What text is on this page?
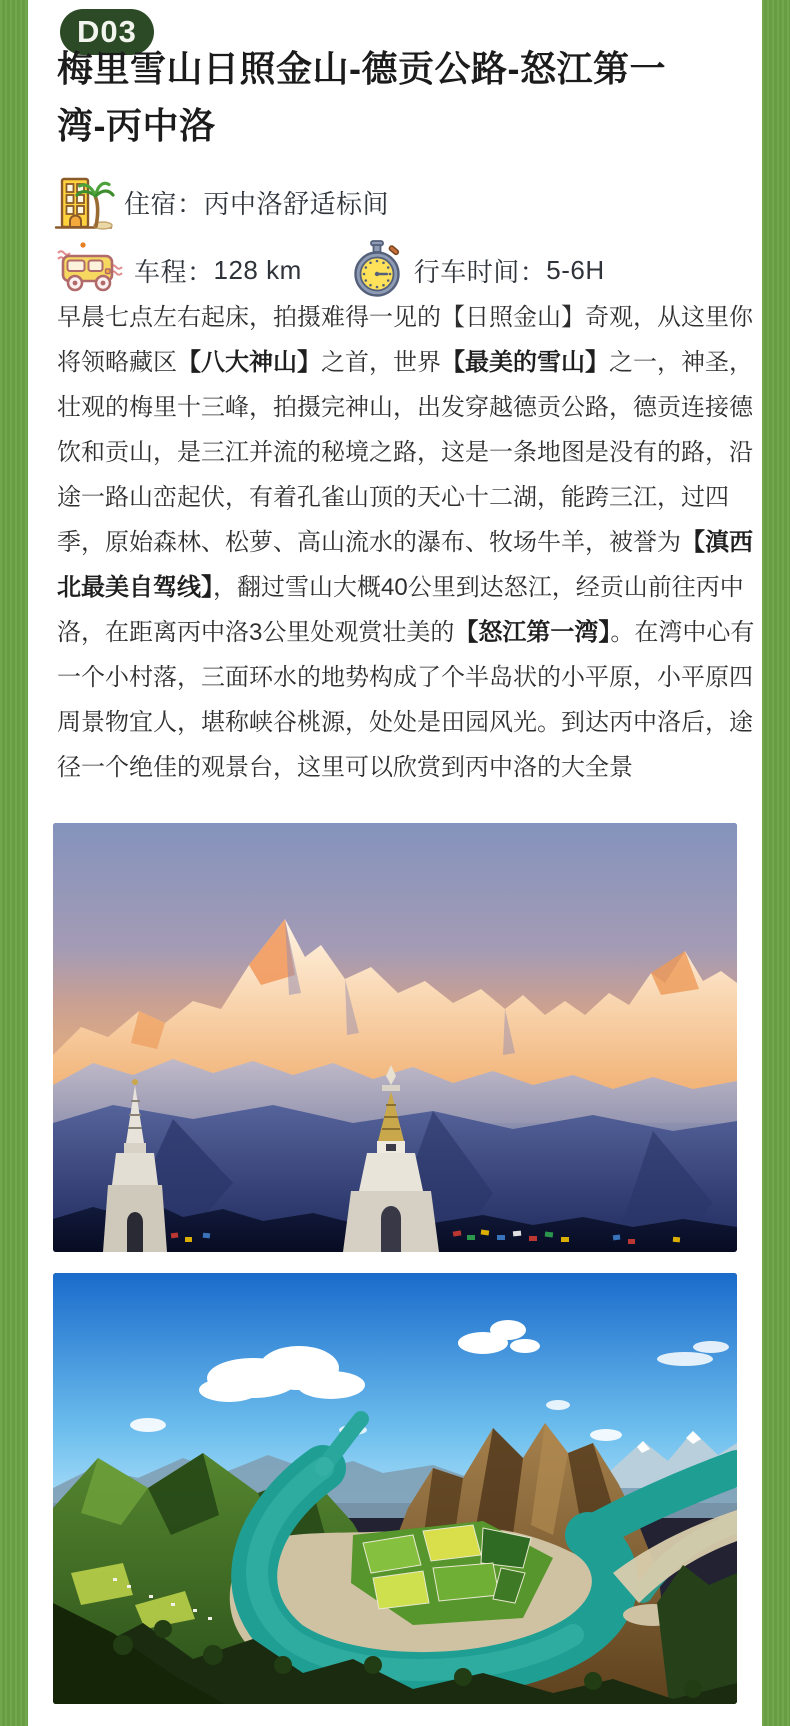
D03
梅里雪山日照金山-德贡公路-怒江第一湾-丙中洛
住宿： 丙中洛舒适标间
车程： 128 km	行车时间： 5-6H

早晨七点左右起床，拍摄难得一见的【日照金山】奇观，从这里你将领略藏区【八大神山】之首，世界【最美的雪山】之一，神圣，壮观的梅里十三峰，拍摄完神山，出发穿越德贡公路，德贡连接德饮和贡山，是三江并流的秘境之路，这是一条地图是没有的路，沿途一路山峦起伏，有着孔雀山顶的天心十二湖，能跨三江，过四季，原始森林、松萝、高山流水的瀑布、牧场牛羊，被誉为【滇西北最美自驾线】，翻过雪山大概40公里到达怒江，经贡山前往丙中洛，在距离丙中洛3公里处观赏壮美的【怒江第一湾】。在湾中心有一个小村落，三面环水的地势构成了个半岛状的小平原，小平原四周景物宜人，堪称峡谷桃源，处处是田园风光。到达丙中洛后，途径一个绝佳的观景台，这里可以欣赏到丙中洛的大全景
